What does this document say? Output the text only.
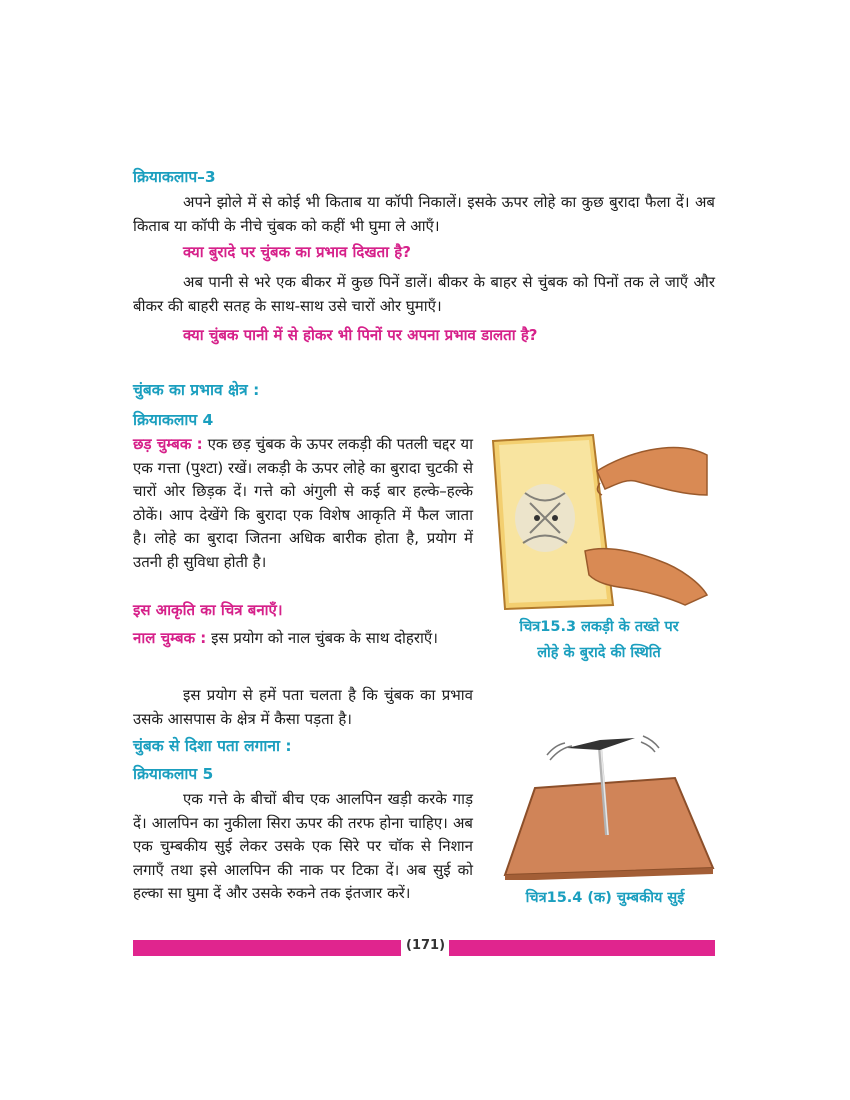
क्रियाकलाप–3
अपने झोले में से कोई भी किताब या कॉपी निकालें। इसके ऊपर लोहे का कुछ बुरादा फैला दें। अब किताब या कॉपी के नीचे चुंबक को कहीं भी घुमा ले आएँ।
क्या बुरादे पर चुंबक का प्रभाव दिखता है?
अब पानी से भरे एक बीकर में कुछ पिनें डालें। बीकर के बाहर से चुंबक को पिनों तक ले जाएँ और बीकर की बाहरी सतह के साथ-साथ उसे चारों ओर घुमाएँ।
क्या चुंबक पानी में से होकर भी पिनों पर अपना प्रभाव डालता है?
चुंबक का प्रभाव क्षेत्र :
क्रियाकलाप 4
छड़ चुम्बक : एक छड़ चुंबक के ऊपर लकड़ी की पतली चद्दर या एक गत्ता (पुश्टा) रखें। लकड़ी के ऊपर लोहे का बुरादा चुटकी से चारों ओर छिड़क दें। गत्ते को अंगुली से कई बार हल्के–हल्के ठोकें। आप देखेंगे कि बुरादा एक विशेष आकृति में फैल जाता है। लोहे का बुरादा जितना अधिक बारीक होता है, प्रयोग में उतनी ही सुविधा होती है।
इस आकृति का चित्र बनाएँ।
नाल चुम्बक : इस प्रयोग को नाल चुंबक के साथ दोहराएँ।
इस प्रयोग से हमें पता चलता है कि चुंबक का प्रभाव उसके आसपास के क्षेत्र में कैसा पड़ता है।
चुंबक से दिशा पता लगाना :
क्रियाकलाप 5
एक गत्ते के बीचों बीच एक आलपिन खड़ी करके गाड़ दें। आलपिन का नुकीला सिरा ऊपर की तरफ होना चाहिए। अब एक चुम्बकीय सुई लेकर उसके एक सिरे पर चॉक से निशान लगाएँ तथा इसे आलपिन की नाक पर टिका दें। अब सुई को हल्का सा घुमा दें और उसके रुकने तक इंतजार करें।
चित्र15.3 लकड़ी के तख्ते पर
लोहे के बुरादे की स्थिति
चित्र15.4 (क) चुम्बकीय सुई
(171)
